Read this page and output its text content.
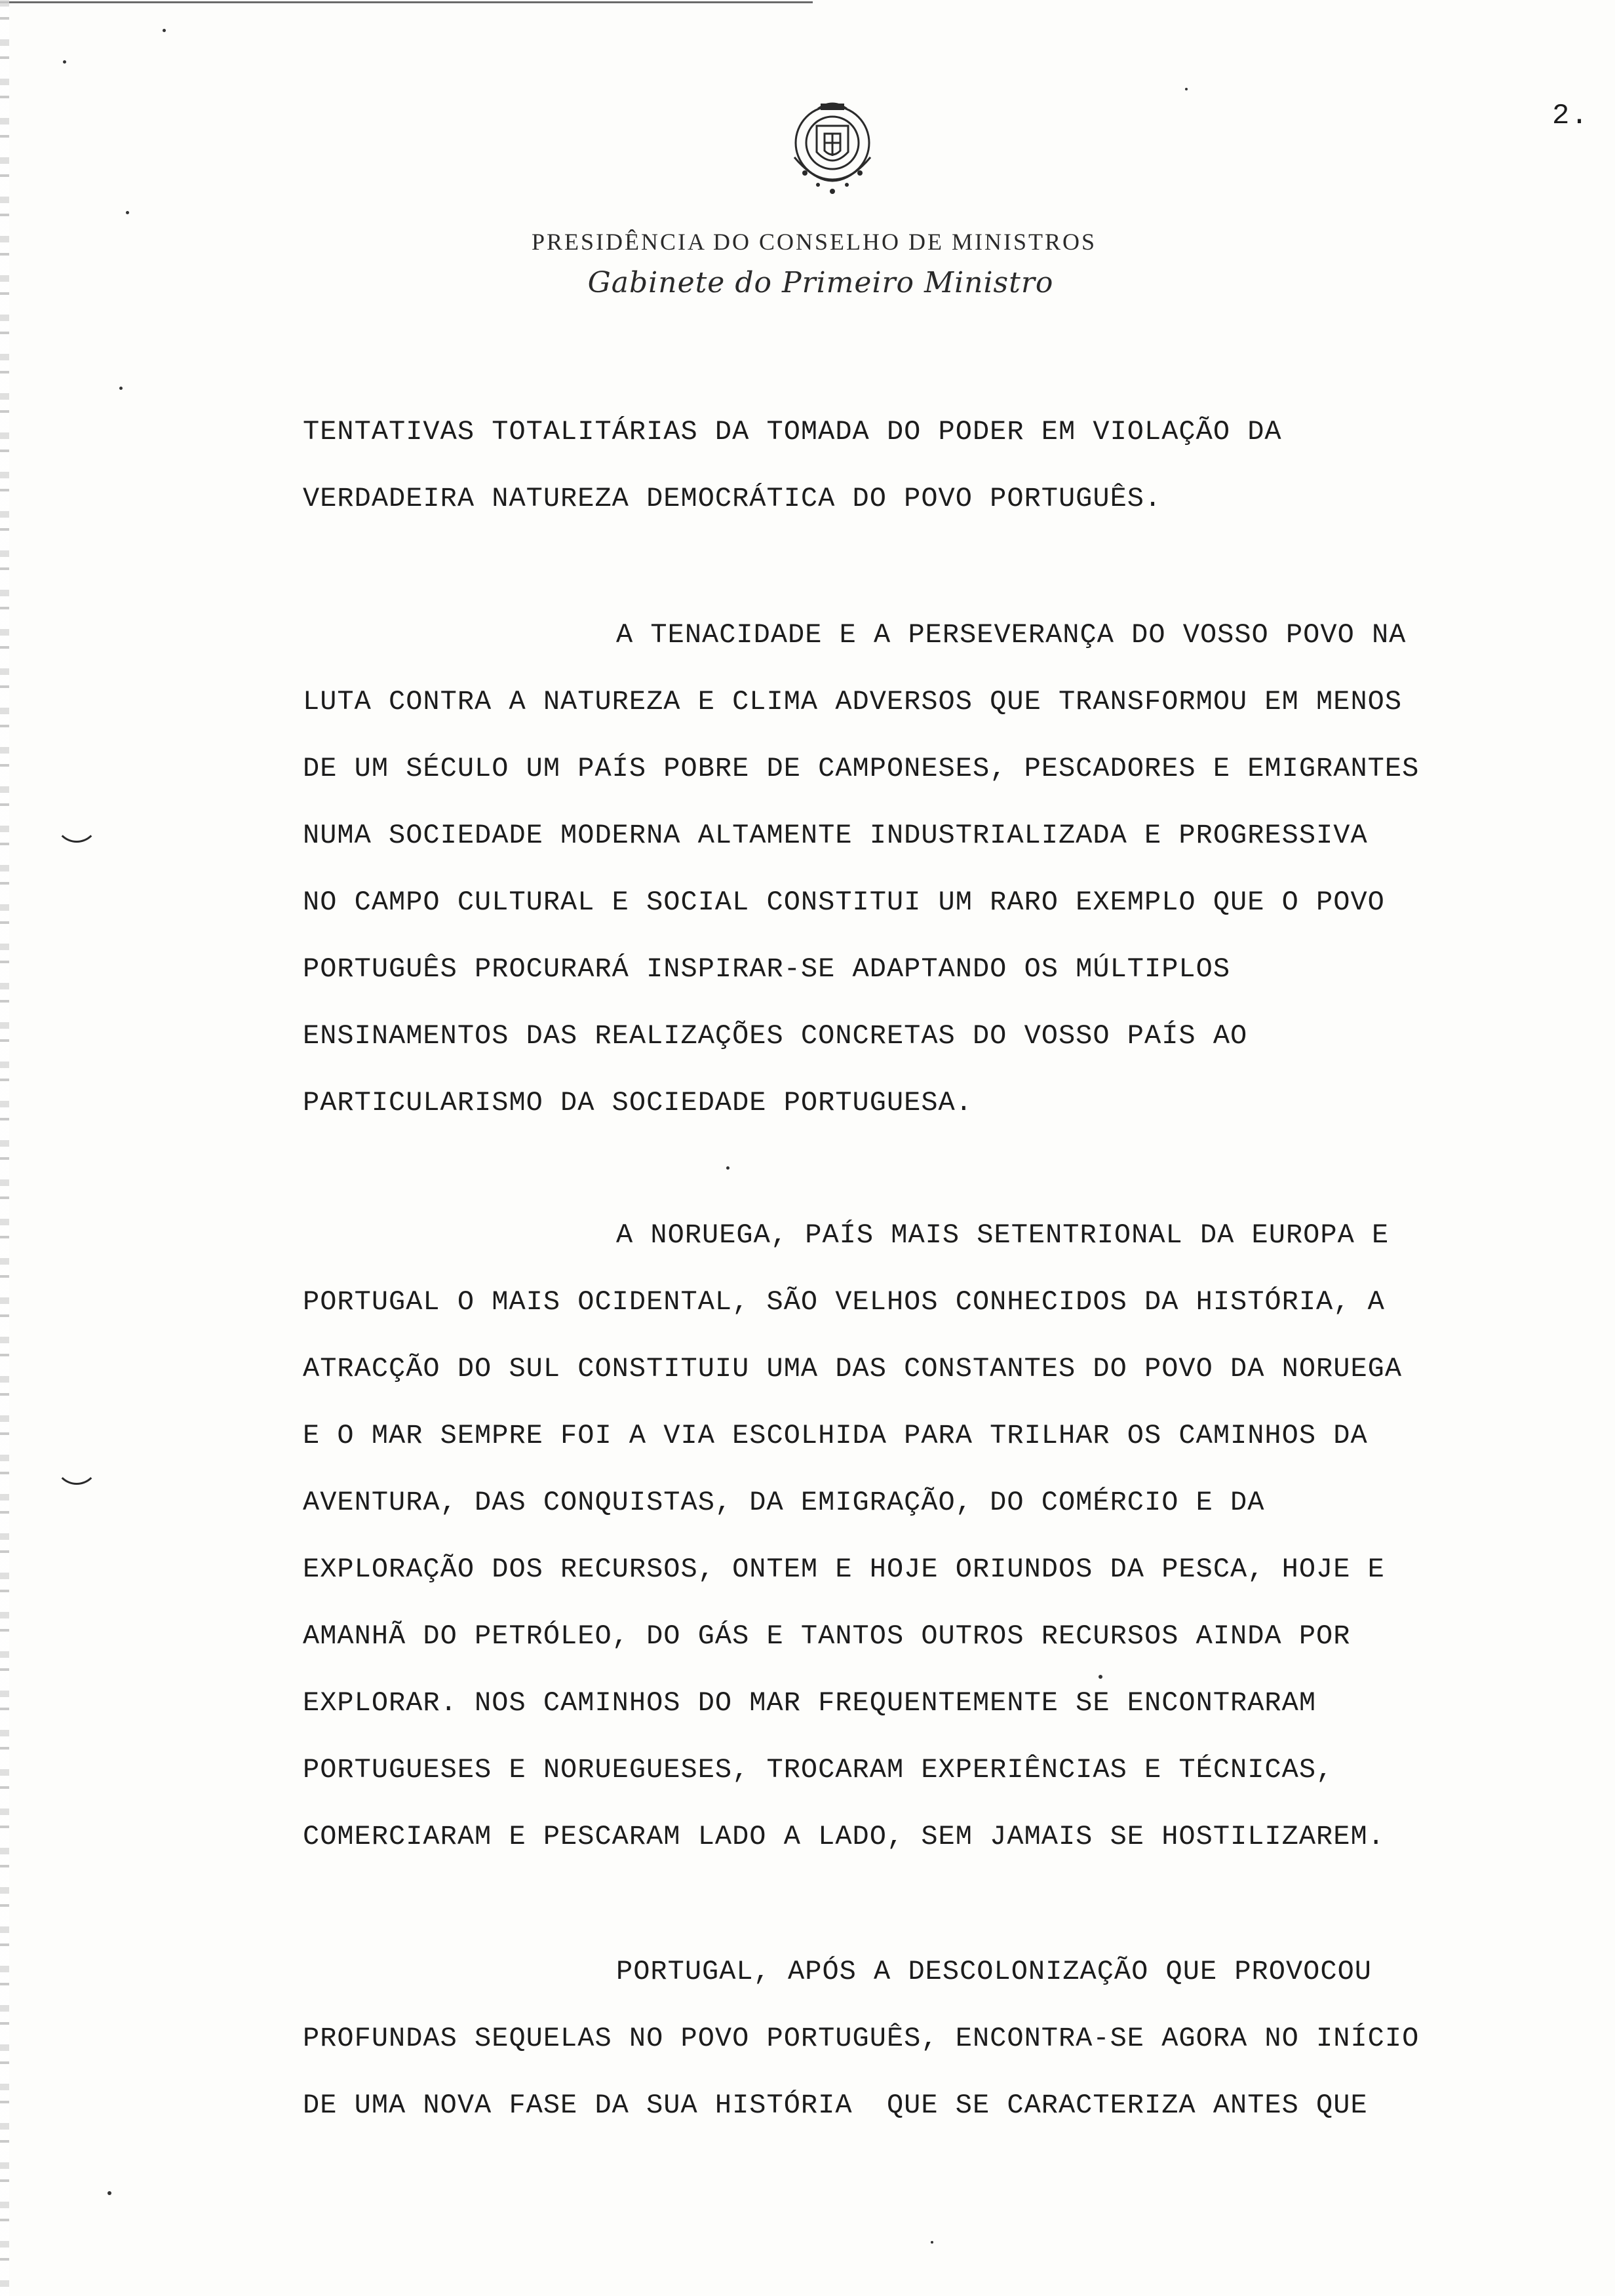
2.
PRESIDÊNCIA DO CONSELHO DE MINISTROS
Gabinete do Primeiro Ministro
TENTATIVAS TOTALITÁRIAS DA TOMADA DO PODER EM VIOLAÇÃO DA
VERDADEIRA NATUREZA DEMOCRÁTICA DO POVO PORTUGUÊS.
A TENACIDADE E A PERSEVERANÇA DO VOSSO POVO NA
LUTA CONTRA A NATUREZA E CLIMA ADVERSOS QUE TRANSFORMOU EM MENOS
DE UM SÉCULO UM PAÍS POBRE DE CAMPONESES, PESCADORES E EMIGRANTES
NUMA SOCIEDADE MODERNA ALTAMENTE INDUSTRIALIZADA E PROGRESSIVA
NO CAMPO CULTURAL E SOCIAL CONSTITUI UM RARO EXEMPLO QUE O POVO
PORTUGUÊS PROCURARÁ INSPIRAR-SE ADAPTANDO OS MÚLTIPLOS
ENSINAMENTOS DAS REALIZAÇÕES CONCRETAS DO VOSSO PAÍS AO
PARTICULARISMO DA SOCIEDADE PORTUGUESA.
A NORUEGA, PAÍS MAIS SETENTRIONAL DA EUROPA E
PORTUGAL O MAIS OCIDENTAL, SÃO VELHOS CONHECIDOS DA HISTÓRIA, A
ATRACÇÃO DO SUL CONSTITUIU UMA DAS CONSTANTES DO POVO DA NORUEGA
E O MAR SEMPRE FOI A VIA ESCOLHIDA PARA TRILHAR OS CAMINHOS DA
AVENTURA, DAS CONQUISTAS, DA EMIGRAÇÃO, DO COMÉRCIO E DA
EXPLORAÇÃO DOS RECURSOS, ONTEM E HOJE ORIUNDOS DA PESCA, HOJE E
AMANHÃ DO PETRÓLEO, DO GÁS E TANTOS OUTROS RECURSOS AINDA POR
EXPLORAR. NOS CAMINHOS DO MAR FREQUENTEMENTE SE ENCONTRARAM
PORTUGUESES E NORUEGUESES, TROCARAM EXPERIÊNCIAS E TÉCNICAS,
COMERCIARAM E PESCARAM LADO A LADO, SEM JAMAIS SE HOSTILIZAREM.
PORTUGAL, APÓS A DESCOLONIZAÇÃO QUE PROVOCOU
PROFUNDAS SEQUELAS NO POVO PORTUGUÊS, ENCONTRA-SE AGORA NO INÍCIO
DE UMA NOVA FASE DA SUA HISTÓRIA  QUE SE CARACTERIZA ANTES QUE
